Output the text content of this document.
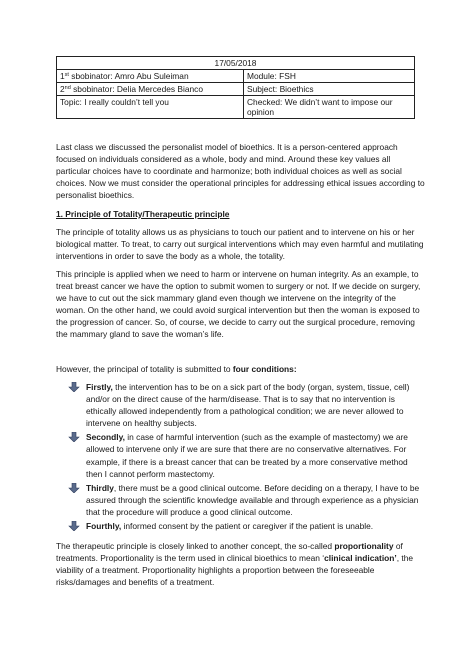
17/05/2018	
1st sbobinator: Amro Abu Suleiman	Module: FSH
2nd sbobinator: Delia Mercedes Bianco	Subject: Bioethics
Topic: I really couldn’t tell you	Checked: We didn’t want to impose our opinion

Last class we discussed the personalist model of bioethics. It is a person-centered approach focused on individuals considered as a whole, body and mind. Around these key values all particular choices have to coordinate and harmonize; both individual choices as well as social choices. Now we must consider the operational principles for addressing ethical issues according to personalist bioethics.

1. Principle of Totality/Therapeutic principle

The principle of totality allows us as physicians to touch our patient and to intervene on his or her biological matter. To treat, to carry out surgical interventions which may even harmful and mutilating interventions in order to save the body as a whole, the totality.

This principle is applied when we need to harm or intervene on human integrity. As an example, to treat breast cancer we have the option to submit women to surgery or not. If we decide on surgery, we have to cut out the sick mammary gland even though we intervene on the integrity of the woman. On the other hand, we could avoid surgical intervention but then the woman is exposed to the progression of cancer. So, of course, we decide to carry out the surgical procedure, removing the mammary gland to save the woman’s life.

However, the principal of totality is submitted to four conditions:

Firstly, the intervention has to be on a sick part of the body (organ, system, tissue, cell) and/or on the direct cause of the harm/disease. That is to say that no intervention is ethically allowed independently from a pathological condition; we are never allowed to intervene on healthy subjects.
Secondly, in case of harmful intervention (such as the example of mastectomy) we are allowed to intervene only if we are sure that there are no conservative alternatives. For example, if there is a breast cancer that can be treated by a more conservative method then I cannot perform mastectomy.
Thirdly, there must be a good clinical outcome. Before deciding on a therapy, I have to be assured through the scientific knowledge available and through experience as a physician that the procedure will produce a good clinical outcome.
Fourthly, informed consent by the patient or caregiver if the patient is unable.

The therapeutic principle is closely linked to another concept, the so-called proportionality of treatments. Proportionality is the term used in clinical bioethics to mean ‘clinical indication’, the viability of a treatment. Proportionality highlights a proportion between the foreseeable risks/damages and benefits of a treatment.
